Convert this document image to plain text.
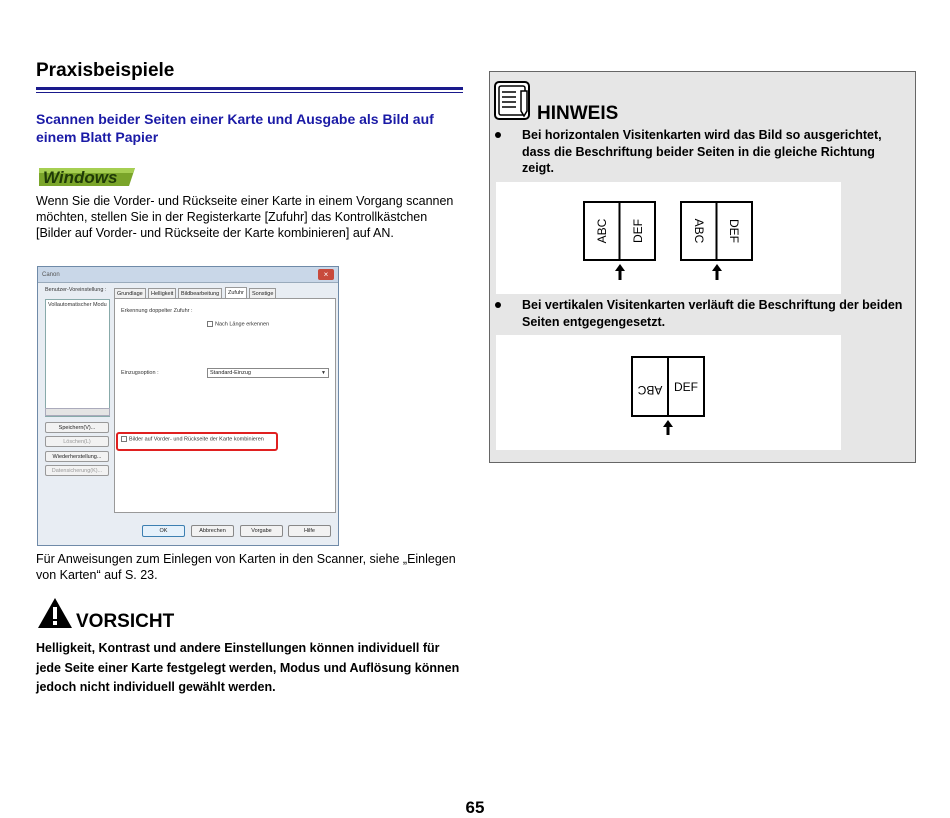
Praxisbeispiele
Scannen beider Seiten einer Karte und Ausgabe als Bild auf einem Blatt Papier
Windows
Wenn Sie die Vorder- und Rückseite einer Karte in einem Vorgang scannen möchten, stellen Sie in der Registerkarte [Zufuhr] das Kontrollkästchen [Bilder auf Vorder- und Rückseite der Karte kombinieren] auf AN.
Canon	×
Benutzer-Voreinstellung :
Vollautomatischer Modu
Speichern(V)...
Löschen(L)
Wiederherstellung...
Datensicherung(K)...
Grundlage	Helligkeit	Bildbearbeitung	Zufuhr	Sonstige
Erkennung doppelter Zufuhr :
Nach Länge erkennen
Einzugsoption :	Standard-Einzug	▼
Bilder auf Vorder- und Rückseite der Karte kombinieren
OK	Abbrechen	Vorgabe	Hilfe
Für Anweisungen zum Einlegen von Karten in den Scanner, siehe „Einlegen von Karten“ auf S. 23.
VORSICHT
Helligkeit, Kontrast und andere Einstellungen können individuell für jede Seite einer Karte festgelegt werden, Modus und Auflösung können jedoch nicht individuell gewählt werden.
HINWEIS
Bei horizontalen Visitenkarten wird das Bild so ausgerichtet, dass die Beschriftung beider Seiten in die gleiche Richtung zeigt.
ABC DEF	ABC DEF
Bei vertikalen Visitenkarten verläuft die Beschriftung der beiden Seiten entgegengesetzt.
ABC DEF
65
